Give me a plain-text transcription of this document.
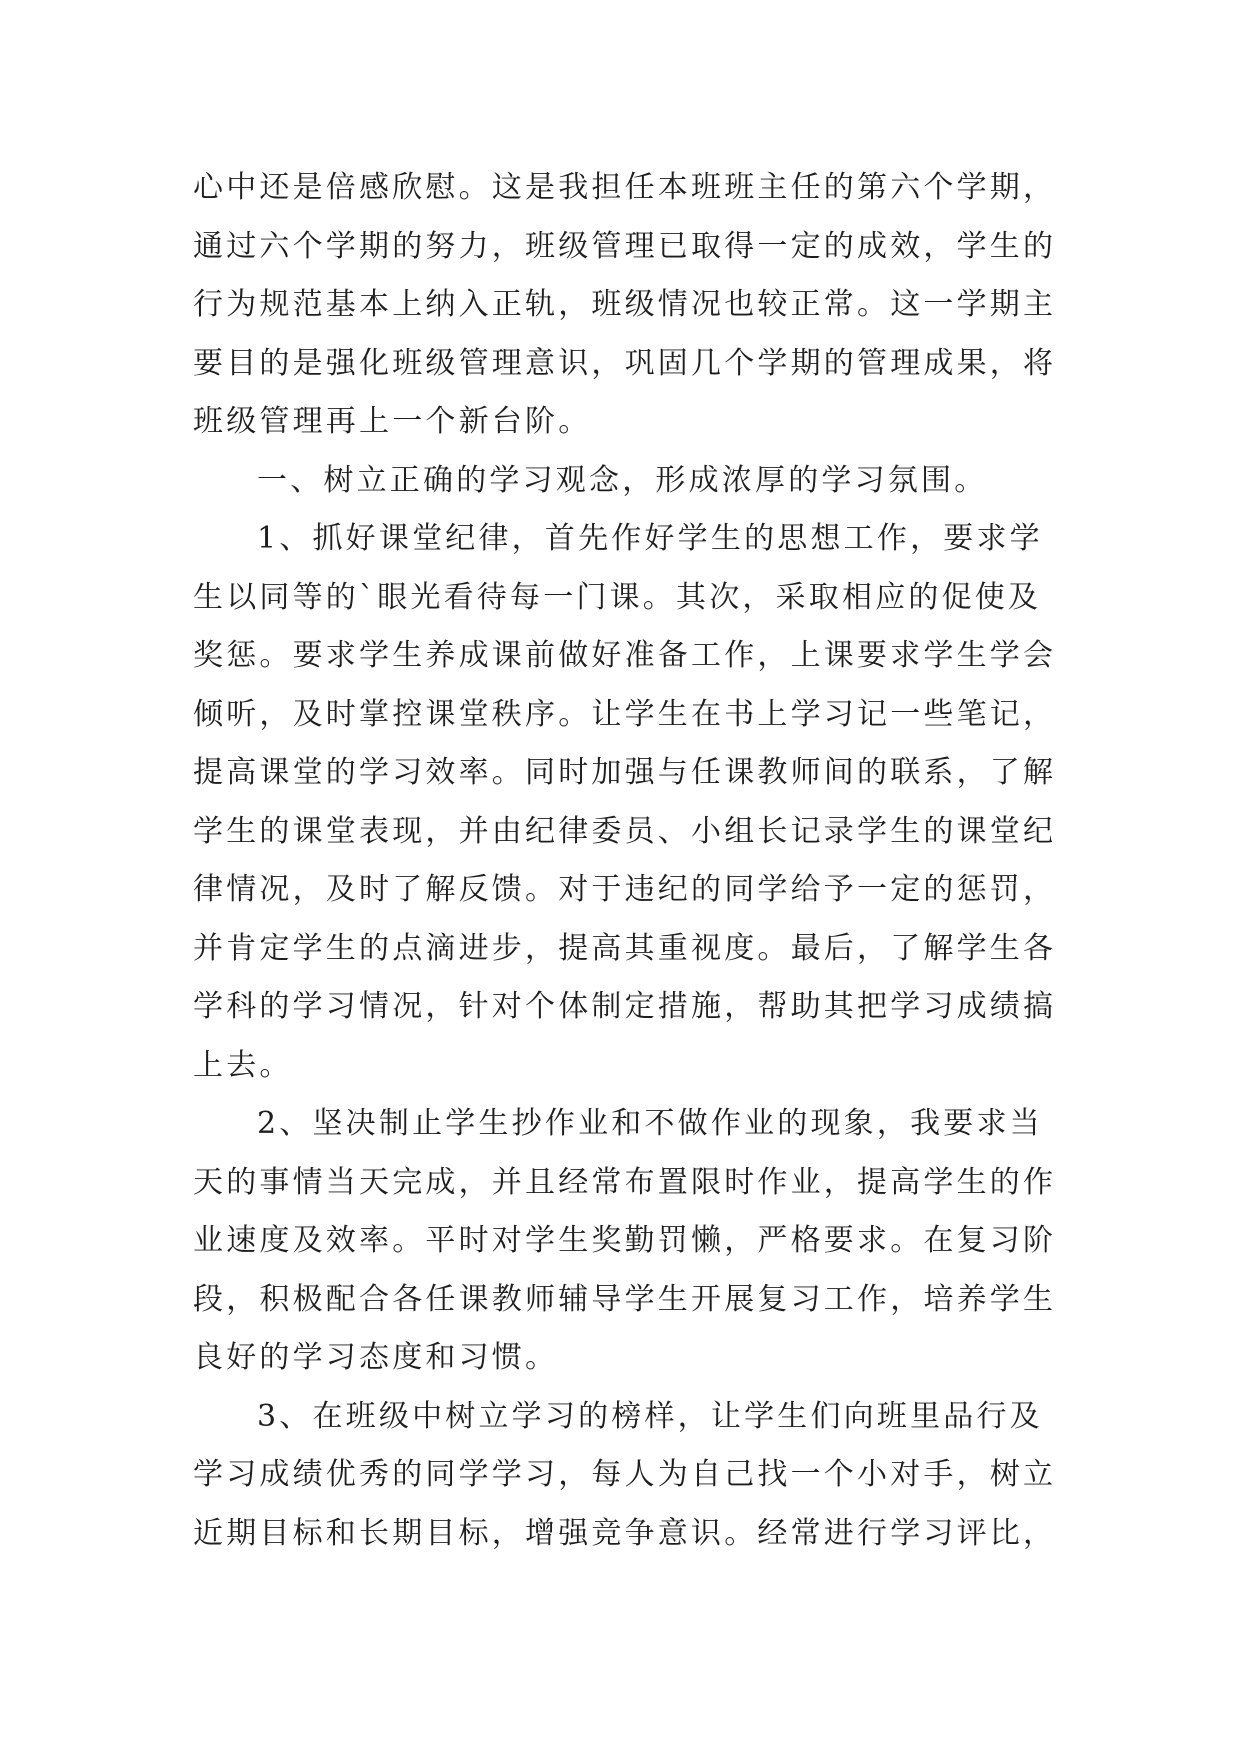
心中还是倍感欣慰。这是我担任本班班主任的第六个学期，
通过六个学期的努力，班级管理已取得一定的成效，学生的
行为规范基本上纳入正轨，班级情况也较正常。这一学期主
要目的是强化班级管理意识，巩固几个学期的管理成果，将
班级管理再上一个新台阶。
一、树立正确的学习观念，形成浓厚的学习氛围。
1、抓好课堂纪律，首先作好学生的思想工作，要求学
生以同等的`眼光看待每一门课。其次，采取相应的促使及
奖惩。要求学生养成课前做好准备工作，上课要求学生学会
倾听，及时掌控课堂秩序。让学生在书上学习记一些笔记，
提高课堂的学习效率。同时加强与任课教师间的联系，了解
学生的课堂表现，并由纪律委员、小组长记录学生的课堂纪
律情况，及时了解反馈。对于违纪的同学给予一定的惩罚，
并肯定学生的点滴进步，提高其重视度。最后，了解学生各
学科的学习情况，针对个体制定措施，帮助其把学习成绩搞
上去。
2、坚决制止学生抄作业和不做作业的现象，我要求当
天的事情当天完成，并且经常布置限时作业，提高学生的作
业速度及效率。平时对学生奖勤罚懒，严格要求。在复习阶
段，积极配合各任课教师辅导学生开展复习工作，培养学生
良好的学习态度和习惯。
3、在班级中树立学习的榜样，让学生们向班里品行及
学习成绩优秀的同学学习，每人为自己找一个小对手，树立
近期目标和长期目标，增强竞争意识。经常进行学习评比，
